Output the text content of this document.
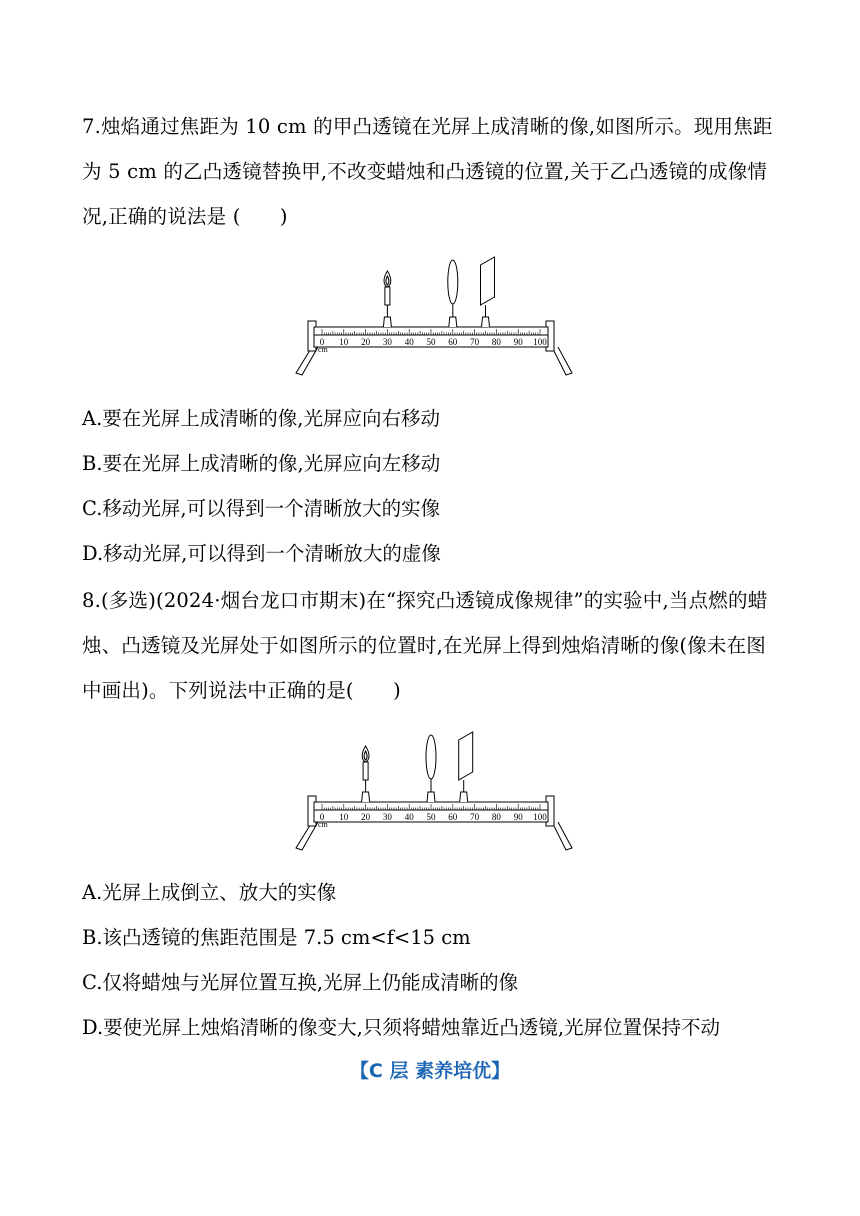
7.烛焰通过焦距为 10 cm 的甲凸透镜在光屏上成清晰的像,如图所示。现用焦距
为 5 cm 的乙凸透镜替换甲,不改变蜡烛和凸透镜的位置,关于乙凸透镜的成像情
况,正确的说法是 (　　)
0 10 20 30 40 50 60 70 80 90 100
cm
A.要在光屏上成清晰的像,光屏应向右移动
B.要在光屏上成清晰的像,光屏应向左移动
C.移动光屏,可以得到一个清晰放大的实像
D.移动光屏,可以得到一个清晰放大的虚像
8.(多选)(2024·烟台龙口市期末)在“探究凸透镜成像规律”的实验中,当点燃的蜡
烛、凸透镜及光屏处于如图所示的位置时,在光屏上得到烛焰清晰的像(像未在图
中画出)。下列说法中正确的是(　　)
0 10 20 30 40 50 60 70 80 90 100
cm
A.光屏上成倒立、放大的实像
B.该凸透镜的焦距范围是 7.5 cm<f<15 cm
C.仅将蜡烛与光屏位置互换,光屏上仍能成清晰的像
D.要使光屏上烛焰清晰的像变大,只须将蜡烛靠近凸透镜,光屏位置保持不动
【C 层 素养培优】
